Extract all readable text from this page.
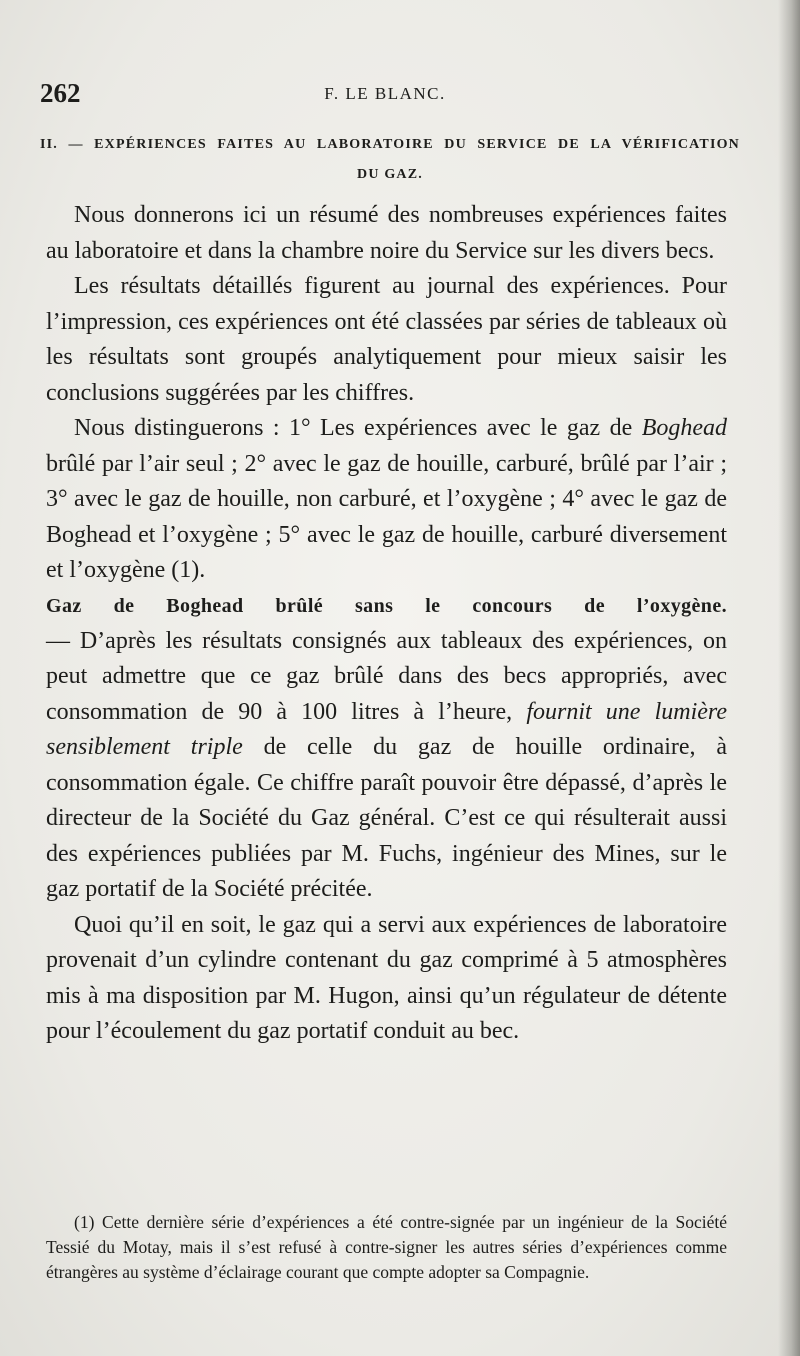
262	F. LE BLANC.
II. — EXPÉRIENCES FAITES AU LABORATOIRE DU SERVICE DE LA VÉRIFICATION
DU GAZ.

Nous donnerons ici un résumé des nombreuses expériences faites au laboratoire et dans la chambre noire du Service sur les divers becs.

Les résultats détaillés figurent au journal des expériences. Pour l’impression, ces expériences ont été classées par séries de tableaux où les résultats sont groupés analytiquement pour mieux saisir les conclusions suggérées par les chiffres.

Nous distinguerons : 1° Les expériences avec le gaz de Boghead brûlé par l’air seul ; 2° avec le gaz de houille, carburé, brûlé par l’air ; 3° avec le gaz de houille, non carburé, et l’oxygène ; 4° avec le gaz de Boghead et l’oxygène ; 5° avec le gaz de houille, carburé diversement et l’oxygène (1).

Gaz de Boghead brûlé sans le concours de l’oxygène.
— D’après les résultats consignés aux tableaux des expériences, on peut admettre que ce gaz brûlé dans des becs appropriés, avec consommation de 90 à 100 litres à l’heure, fournit une lumière sensiblement triple de celle du gaz de houille ordinaire, à consommation égale. Ce chiffre paraît pouvoir être dépassé, d’après le directeur de la Société du Gaz général. C’est ce qui résulterait aussi des expériences publiées par M. Fuchs, ingénieur des Mines, sur le gaz portatif de la Société précitée.

Quoi qu’il en soit, le gaz qui a servi aux expériences de laboratoire provenait d’un cylindre contenant du gaz comprimé à 5 atmosphères mis à ma disposition par M. Hugon, ainsi qu’un régulateur de détente pour l’écoulement du gaz portatif conduit au bec.

(1) Cette dernière série d’expériences a été contre-signée par un ingénieur de la Société Tessié du Motay, mais il s’est refusé à contre-signer les autres séries d’expériences comme étrangères au système d’éclairage courant que compte adopter sa Compagnie.
